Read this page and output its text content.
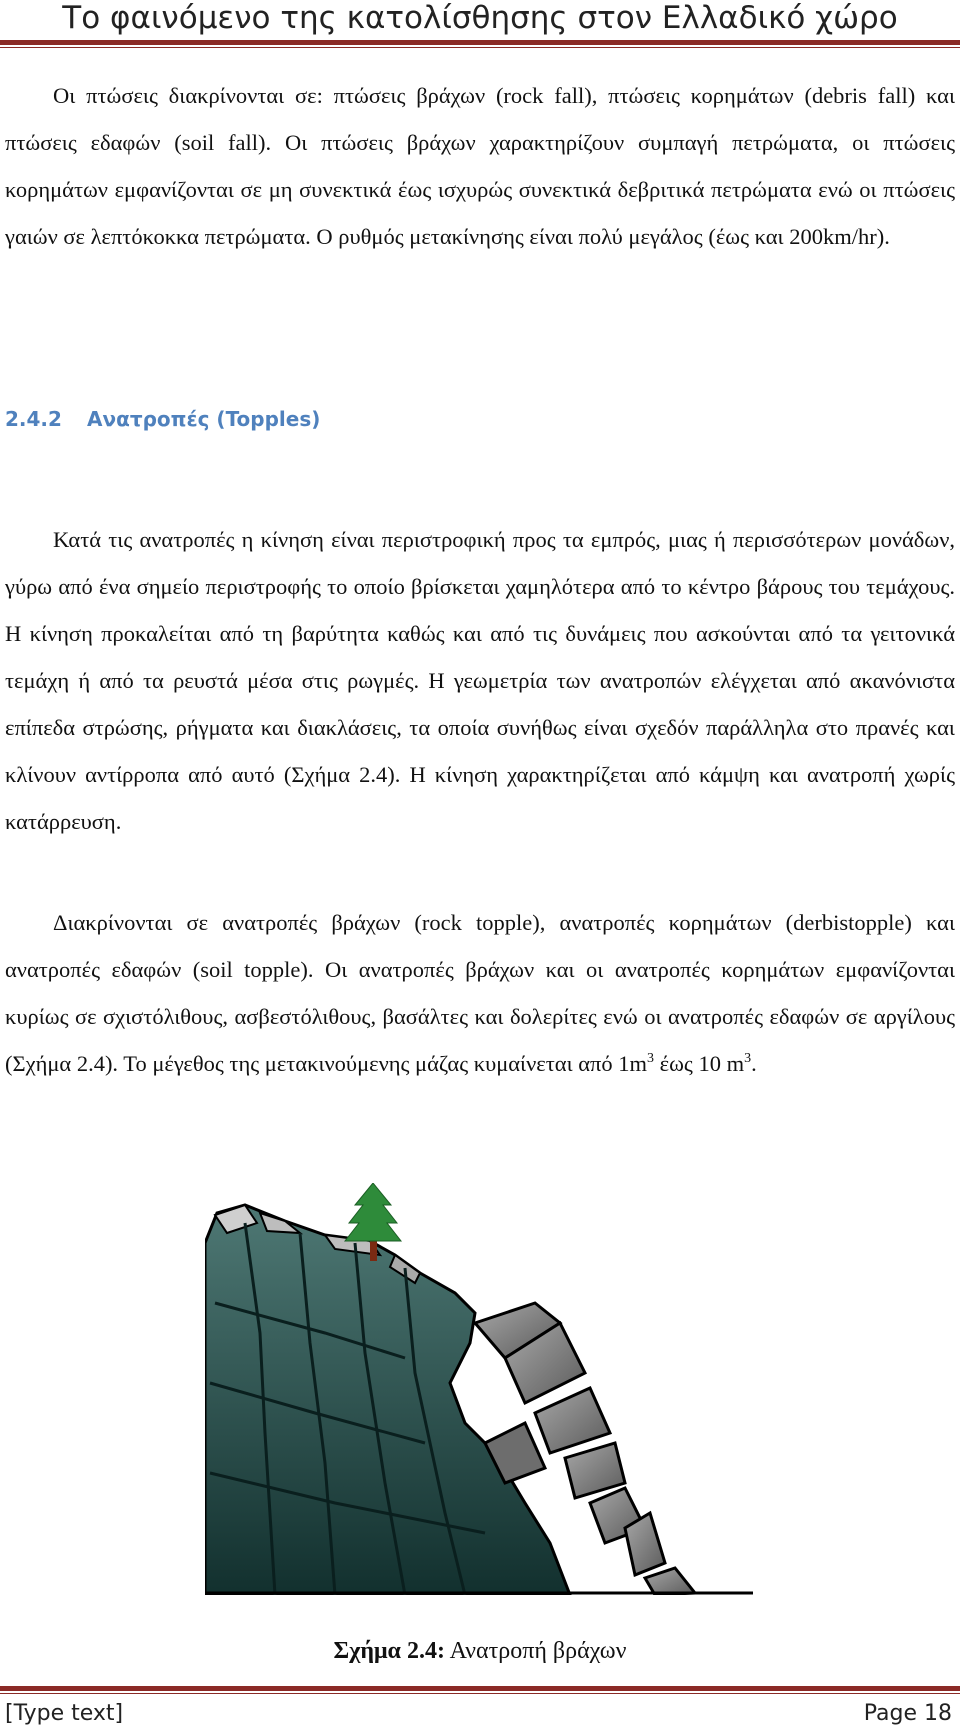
Το φαινόμενο της κατολίσθησης στον Ελλαδικό χώρο

Οι πτώσεις διακρίνονται σε: πτώσεις βράχων (rock fall), πτώσεις κορημάτων (debris fall) και πτώσεις εδαφών (soil fall). Οι πτώσεις βράχων χαρακτηρίζουν συμπαγή πετρώματα, οι πτώσεις κορημάτων εμφανίζονται σε μη συνεκτικά έως ισχυρώς συνεκτικά δεβριτικά πετρώματα ενώ οι πτώσεις γαιών σε λεπτόκοκκα πετρώματα. Ο ρυθμός μετακίνησης είναι πολύ μεγάλος (έως και 200km/hr).

2.4.2 Ανατροπές (Topples)

Κατά τις ανατροπές η κίνηση είναι περιστροφική προς τα εμπρός, μιας ή περισσότερων μονάδων, γύρω από ένα σημείο περιστροφής το οποίο βρίσκεται χαμηλότερα από το κέντρο βάρους του τεμάχους. Η κίνηση προκαλείται από τη βαρύτητα καθώς και από τις δυνάμεις που ασκούνται από τα γειτονικά τεμάχη ή από τα ρευστά μέσα στις ρωγμές. Η γεωμετρία των ανατροπών ελέγχεται από ακανόνιστα επίπεδα στρώσης, ρήγματα και διακλάσεις, τα οποία συνήθως είναι σχεδόν παράλληλα στο πρανές και κλίνουν αντίρροπα από αυτό (Σχήμα 2.4). Η κίνηση χαρακτηρίζεται από κάμψη και ανατροπή χωρίς κατάρρευση.

Διακρίνονται σε ανατροπές βράχων (rock topple), ανατροπές κορημάτων (derbistopple) και ανατροπές εδαφών (soil topple). Οι ανατροπές βράχων και οι ανατροπές κορημάτων εμφανίζονται κυρίως σε σχιστόλιθους, ασβεστόλιθους, βασάλτες και δολερίτες ενώ οι ανατροπές εδαφών σε αργίλους (Σχήμα 2.4). Το μέγεθος της μετακινούμενης μάζας κυμαίνεται από $1m^3$ έως 10 $m^3$.

Σχήμα 2.4: Ανατροπή βράχων
[Type text]	Page 18
